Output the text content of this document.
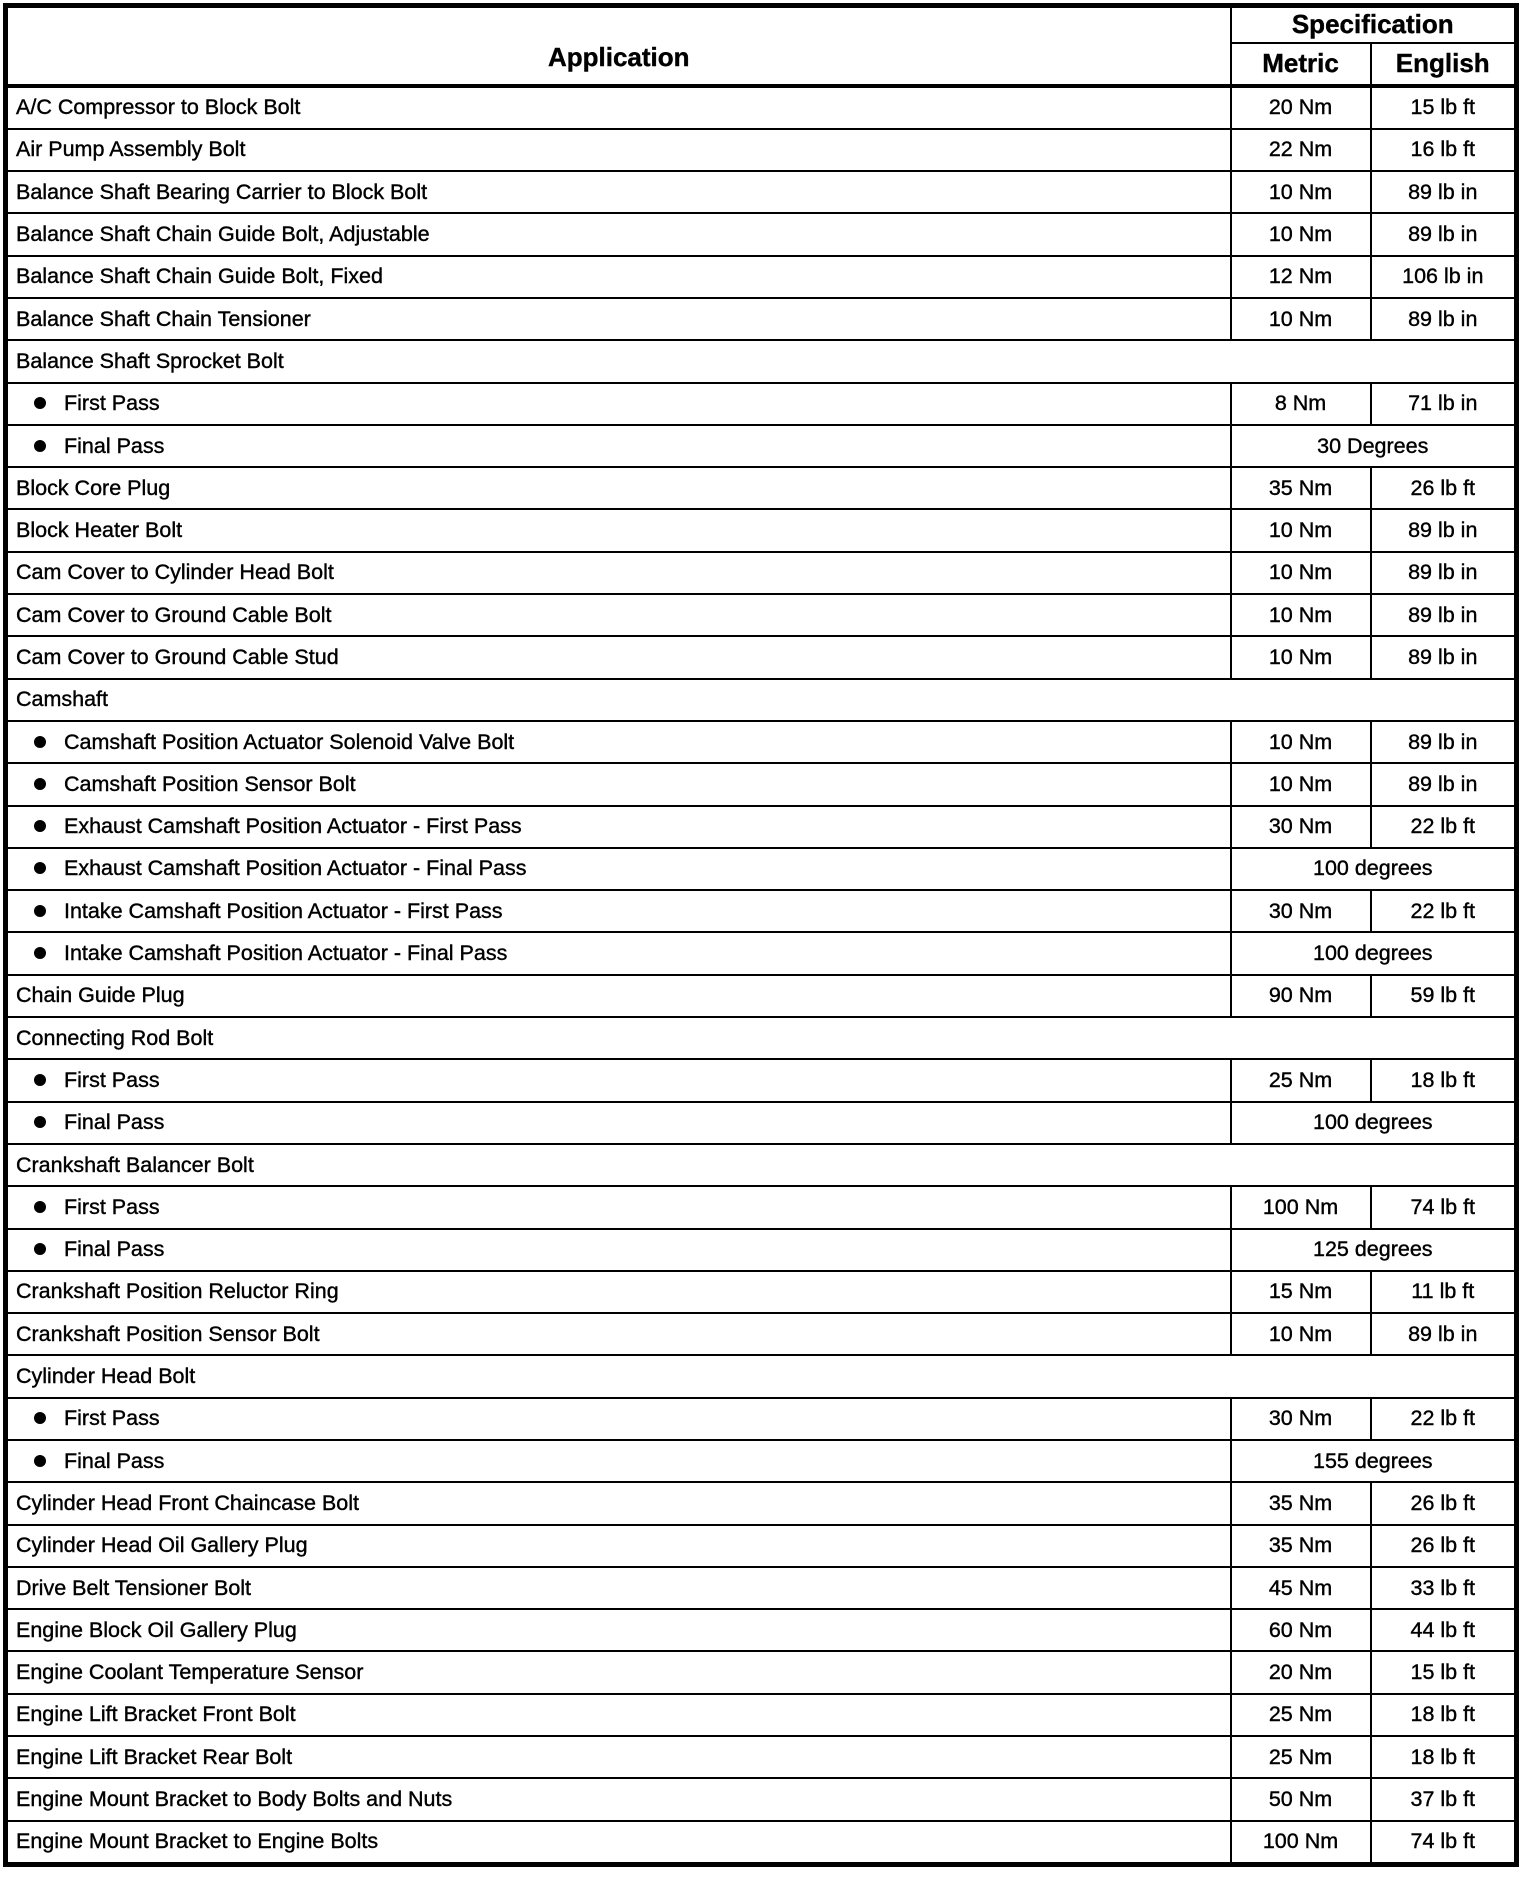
Application	Specification	
	Metric	English
A/C Compressor to Block Bolt	20 Nm	15 lb ft
Air Pump Assembly Bolt	22 Nm	16 lb ft
Balance Shaft Bearing Carrier to Block Bolt	10 Nm	89 lb in
Balance Shaft Chain Guide Bolt, Adjustable	10 Nm	89 lb in
Balance Shaft Chain Guide Bolt, Fixed	12 Nm	106 lb in
Balance Shaft Chain Tensioner	10 Nm	89 lb in
Balance Shaft Sprocket Bolt		
First Pass	8 Nm	71 lb in
Final Pass	30 Degrees	
Block Core Plug	35 Nm	26 lb ft
Block Heater Bolt	10 Nm	89 lb in
Cam Cover to Cylinder Head Bolt	10 Nm	89 lb in
Cam Cover to Ground Cable Bolt	10 Nm	89 lb in
Cam Cover to Ground Cable Stud	10 Nm	89 lb in
Camshaft		
Camshaft Position Actuator Solenoid Valve Bolt	10 Nm	89 lb in
Camshaft Position Sensor Bolt	10 Nm	89 lb in
Exhaust Camshaft Position Actuator - First Pass	30 Nm	22 lb ft
Exhaust Camshaft Position Actuator - Final Pass	100 degrees	
Intake Camshaft Position Actuator - First Pass	30 Nm	22 lb ft
Intake Camshaft Position Actuator - Final Pass	100 degrees	
Chain Guide Plug	90 Nm	59 lb ft
Connecting Rod Bolt		
First Pass	25 Nm	18 lb ft
Final Pass	100 degrees	
Crankshaft Balancer Bolt		
First Pass	100 Nm	74 lb ft
Final Pass	125 degrees	
Crankshaft Position Reluctor Ring	15 Nm	11 lb ft
Crankshaft Position Sensor Bolt	10 Nm	89 lb in
Cylinder Head Bolt		
First Pass	30 Nm	22 lb ft
Final Pass	155 degrees	
Cylinder Head Front Chaincase Bolt	35 Nm	26 lb ft
Cylinder Head Oil Gallery Plug	35 Nm	26 lb ft
Drive Belt Tensioner Bolt	45 Nm	33 lb ft
Engine Block Oil Gallery Plug	60 Nm	44 lb ft
Engine Coolant Temperature Sensor	20 Nm	15 lb ft
Engine Lift Bracket Front Bolt	25 Nm	18 lb ft
Engine Lift Bracket Rear Bolt	25 Nm	18 lb ft
Engine Mount Bracket to Body Bolts and Nuts	50 Nm	37 lb ft
Engine Mount Bracket to Engine Bolts	100 Nm	74 lb ft
